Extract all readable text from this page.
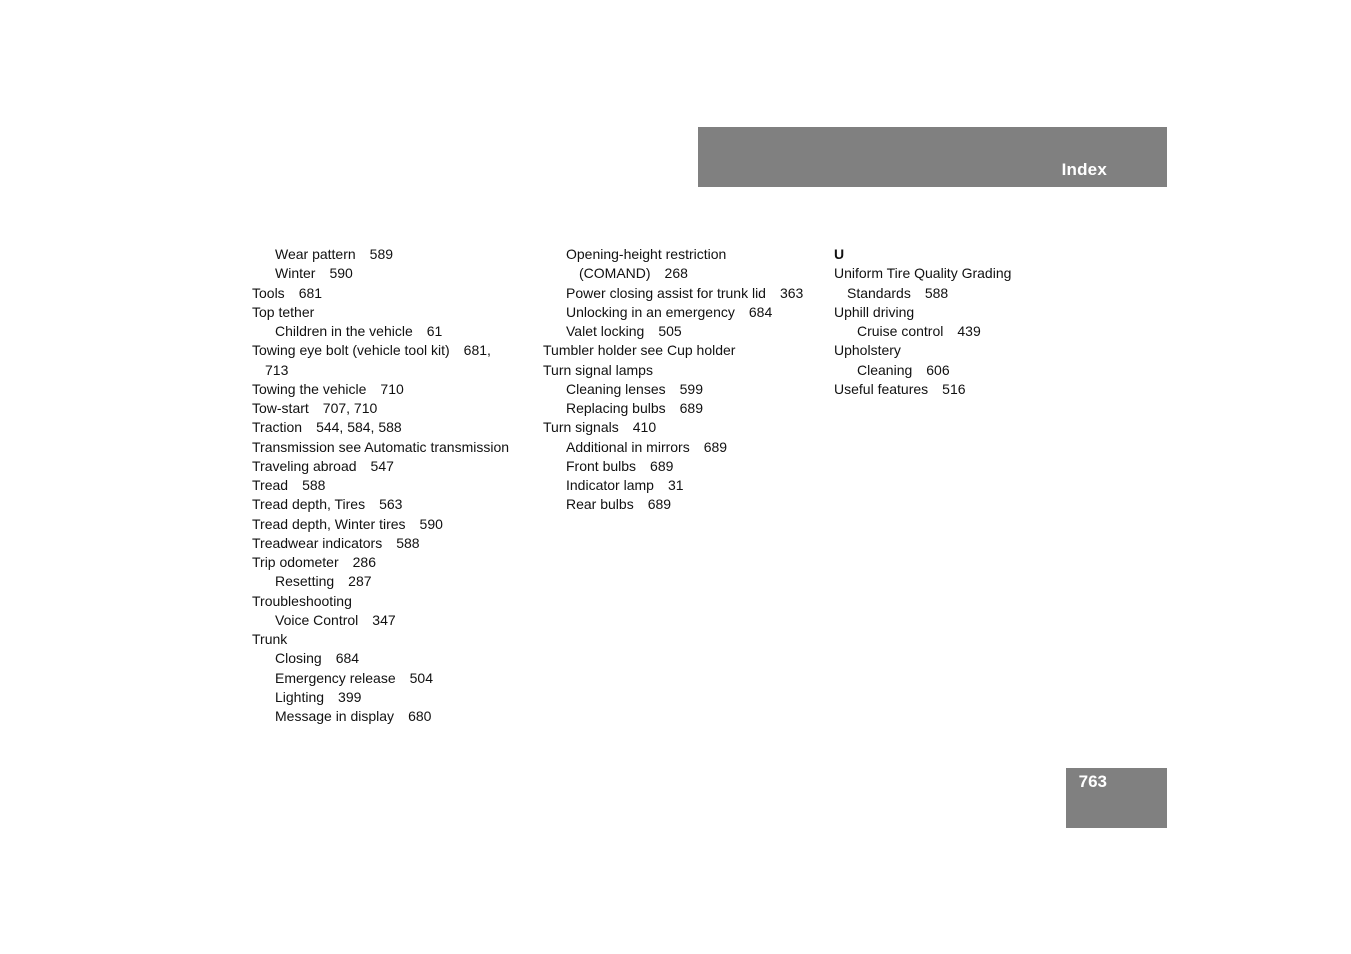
Index
Wear pattern 589
Winter 590
Tools 681
Top tether
Children in the vehicle 61
Towing eye bolt (vehicle tool kit) 681,
713
Towing the vehicle 710
Tow-start 707, 710
Traction 544, 584, 588
Transmission see Automatic transmission
Traveling abroad 547
Tread 588
Tread depth, Tires 563
Tread depth, Winter tires 590
Treadwear indicators 588
Trip odometer 286
Resetting 287
Troubleshooting
Voice Control 347
Trunk
Closing 684
Emergency release 504
Lighting 399
Message in display 680
Opening-height restriction
(COMAND) 268
Power closing assist for trunk lid 363
Unlocking in an emergency 684
Valet locking 505
Tumbler holder see Cup holder
Turn signal lamps
Cleaning lenses 599
Replacing bulbs 689
Turn signals 410
Additional in mirrors 689
Front bulbs 689
Indicator lamp 31
Rear bulbs 689
U
Uniform Tire Quality Grading
Standards 588
Uphill driving
Cruise control 439
Upholstery
Cleaning 606
Useful features 516
763
